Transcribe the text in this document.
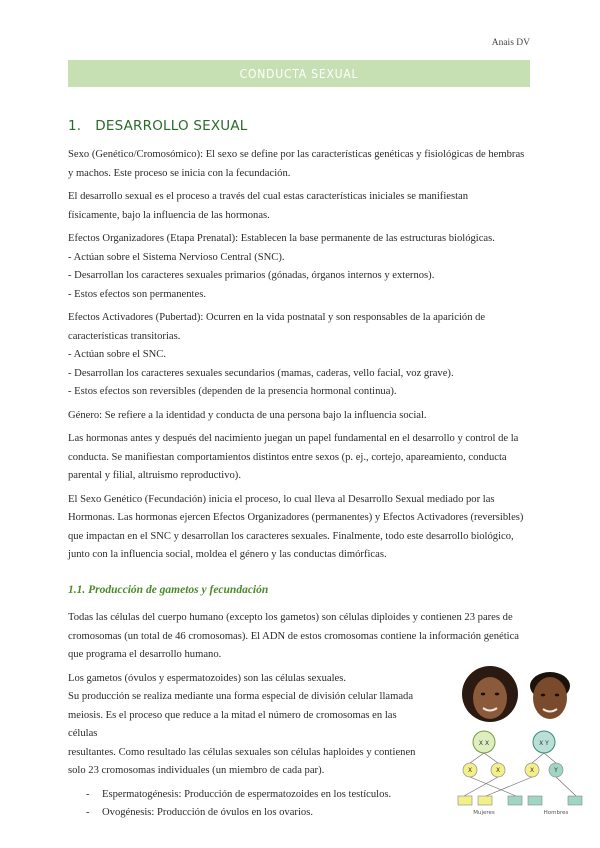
Anais DV
CONDUCTA SEXUAL
1. DESARROLLO SEXUAL

Sexo (Genético/Cromosómico): El sexo se define por las características genéticas y fisiológicas de hembras
y machos. Este proceso se inicia con la fecundación.

El desarrollo sexual es el proceso a través del cual estas características iniciales se manifiestan
físicamente, bajo la influencia de las hormonas.

Efectos Organizadores (Etapa Prenatal): Establecen la base permanente de las estructuras biológicas.
- Actúan sobre el Sistema Nervioso Central (SNC).
- Desarrollan los caracteres sexuales primarios (gónadas, órganos internos y externos).
- Estos efectos son permanentes.

Efectos Activadores (Pubertad): Ocurren en la vida postnatal y son responsables de la aparición de
características transitorias.
- Actúan sobre el SNC.
- Desarrollan los caracteres sexuales secundarios (mamas, caderas, vello facial, voz grave).
- Estos efectos son reversibles (dependen de la presencia hormonal continua).

Género: Se refiere a la identidad y conducta de una persona bajo la influencia social.

Las hormonas antes y después del nacimiento juegan un papel fundamental en el desarrollo y control de la
conducta. Se manifiestan comportamientos distintos entre sexos (p. ej., cortejo, apareamiento, conducta
parental y filial, altruismo reproductivo).

El Sexo Genético (Fecundación) inicia el proceso, lo cual lleva al Desarrollo Sexual mediado por las
Hormonas. Las hormonas ejercen Efectos Organizadores (permanentes) y Efectos Activadores (reversibles)
que impactan en el SNC y desarrollan los caracteres sexuales. Finalmente, todo este desarrollo biológico,
junto con la influencia social, moldea el género y las conductas dimórficas.

1.1. Producción de gametos y fecundación

Todas las células del cuerpo humano (excepto los gametos) son células diploides y contienen 23 pares de
cromosomas (un total de 46 cromosomas). El ADN de estos cromosomas contiene la información genética
que programa el desarrollo humano.

Los gametos (óvulos y espermatozoides) son las células sexuales.
Su producción se realiza mediante una forma especial de división celular llamada
meiosis. Es el proceso que reduce a la mitad el número de cromosomas en las células
resultantes. Como resultado las células sexuales son células haploides y contienen
solo 23 cromosomas individuales (un miembro de cada par).

-	Espermatogénesis: Producción de espermatozoides en los testículos.
-	Ovogénesis: Producción de óvulos en los ovarios.
X X	X Y
X	X	X	Y
Mujeres	Hombres
